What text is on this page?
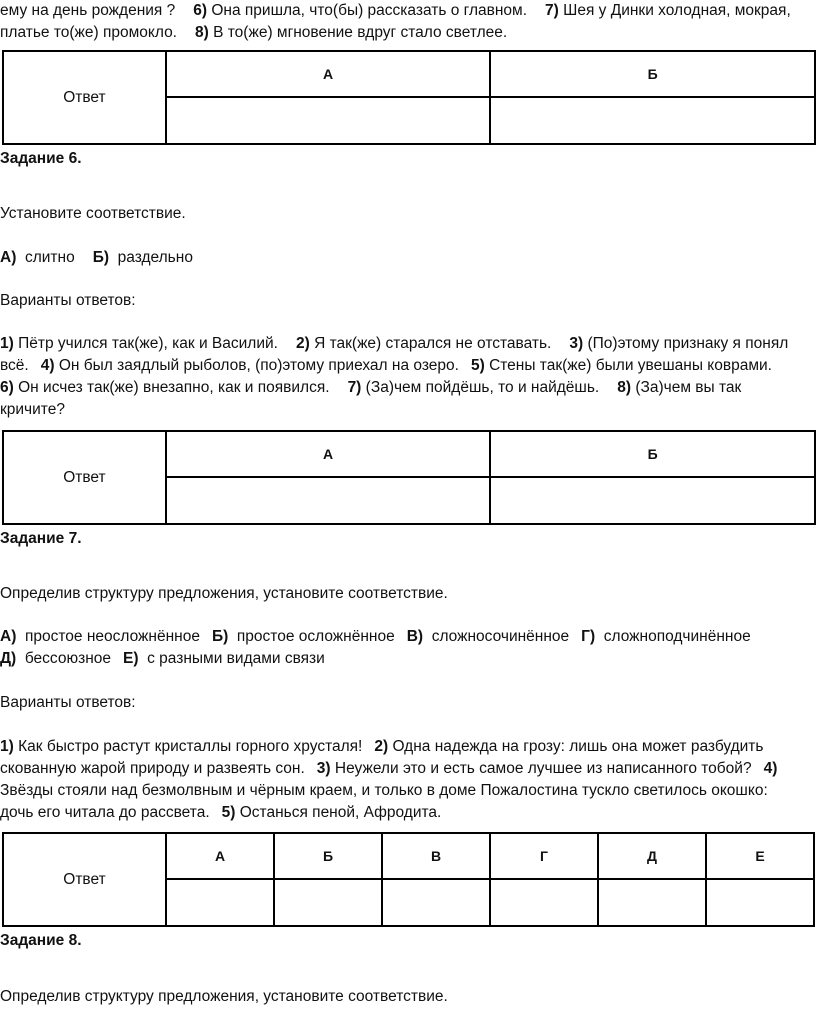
ему на день рождения ? 6) Она пришла, что(бы) рассказать о главном. 7) Шея у Динки холодная, мокрая,
платье то(же) промокло. 8) В то(же) мгновение вдруг стало светлее.
Ответ	А	Б

Задание 6.
Установите соответствие.
А) слитно Б) раздельно
Варианты ответов:
1) Пётр учился так(же), как и Василий. 2) Я так(же) старался не отставать. 3) (По)этому признаку я понял
всё. 4) Он был заядлый рыболов, (по)этому приехал на озеро. 5) Стены так(же) были увешаны коврами.
6) Он исчез так(же) внезапно, как и появился. 7) (За)чем пойдёшь, то и найдёшь. 8) (За)чем вы так
кричите?
Ответ	А	Б

Задание 7.
Определив структуру предложения, установите соответствие.
А) простое неосложнённое Б) простое осложнённое В) сложносочинённое Г) сложноподчинённое
Д) бессоюзное Е) с разными видами связи
Варианты ответов:
1) Как быстро растут кристаллы горного хрусталя! 2) Одна надежда на грозу: лишь она может разбудить
скованную жарой природу и развеять сон. 3) Неужели это и есть самое лучшее из написанного тобой? 4)
Звёзды стояли над безмолвным и чёрным краем, и только в доме Пожалостина тускло светилось окошко:
дочь его читала до рассвета. 5) Останься пеной, Афродита.
Ответ	А	Б	В	Г	Д	Е

Задание 8.
Определив структуру предложения, установите соответствие.
